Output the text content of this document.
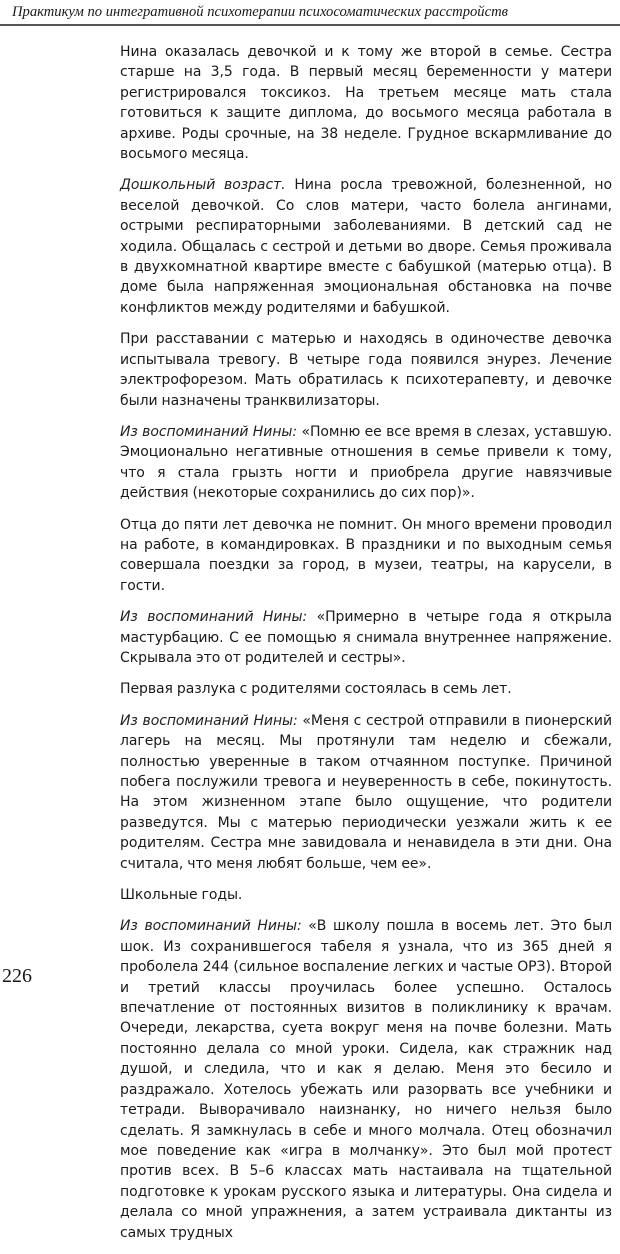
Практикум по интегративной психотерапии психосоматических расстройств

Нина оказалась девочкой и к тому же второй в семье. Сестра старше на 3,5 года. В первый месяц беременности у матери регистрировался токсикоз. На третьем месяце мать стала готовиться к защите диплома, до восьмого месяца работала в архиве. Роды срочные, на 38 неделе. Грудное вскармливание до восьмого месяца.

Дошкольный возраст. Нина росла тревожной, болезненной, но веселой девочкой. Со слов матери, часто болела ангинами, острыми респираторными заболеваниями. В детский сад не ходила. Общалась с сестрой и детьми во дворе. Семья проживала в двухкомнатной квартире вместе с бабушкой (матерью отца). В доме была напряженная эмоциональная обстановка на почве конфликтов между родителями и бабушкой.

При расставании с матерью и находясь в одиночестве девочка испытывала тревогу. В четыре года появился энурез. Лечение электрофорезом. Мать обратилась к психотерапевту, и девочке были назначены транквилизаторы.

Из воспоминаний Нины: «Помню ее все время в слезах, уставшую. Эмоционально негативные отношения в семье привели к тому, что я стала грызть ногти и приобрела другие навязчивые действия (некоторые сохранились до сих пор)».

Отца до пяти лет девочка не помнит. Он много времени проводил на работе, в командировках. В праздники и по выходным семья совершала поездки за город, в музеи, театры, на карусели, в гости.

Из воспоминаний Нины: «Примерно в четыре года я открыла мастурбацию. С ее помощью я снимала внутреннее напряжение. Скрывала это от родителей и сестры».

Первая разлука с родителями состоялась в семь лет.

Из воспоминаний Нины: «Меня с сестрой отправили в пионерский лагерь на месяц. Мы протянули там неделю и сбежали, полностью уверенные в таком отчаянном поступке. Причиной побега послужили тревога и неуверенность в себе, покинутость. На этом жизненном этапе было ощущение, что родители разведутся. Мы с матерью периодически уезжали жить к ее родителям. Сестра мне завидовала и ненавидела в эти дни. Она считала, что меня любят больше, чем ее».

Школьные годы.

Из воспоминаний Нины: «В школу пошла в восемь лет. Это был шок. Из сохранившегося табеля я узнала, что из 365 дней я проболела 244 (сильное воспаление легких и частые ОРЗ). Второй и третий классы проучилась более успешно. Осталось впечатление от постоянных визитов в поликлинику к врачам. Очереди, лекарства, суета вокруг меня на почве болезни. Мать постоянно делала со мной уроки. Сидела, как стражник над душой, и следила, что и как я делаю. Меня это бесило и раздражало. Хотелось убежать или разорвать все учебники и тетради. Выворачивало наизнанку, но ничего нельзя было сделать. Я замкнулась в себе и много молчала. Отец обозначил мое поведение как «игра в молчанку». Это был мой протест против всех. В 5–6 классах мать настаивала на тщательной подготовке к урокам русского языка и литературы. Она сидела и делала со мной упражнения, а затем устраивала диктанты из самых трудных

226
